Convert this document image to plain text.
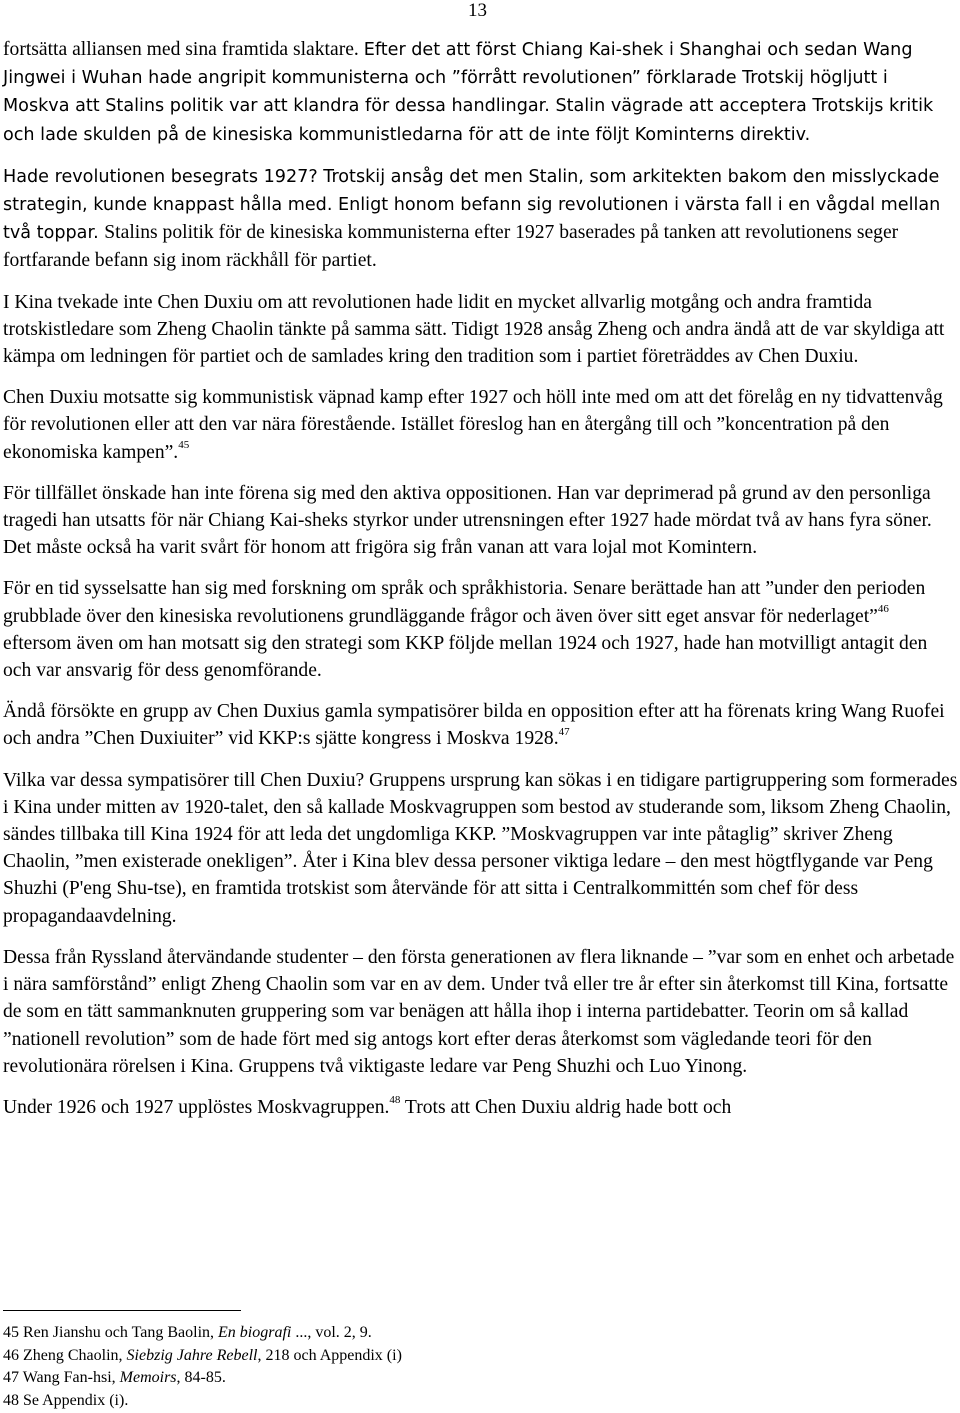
13

fortsätta alliansen med sina framtida slaktare. Efter det att först Chiang Kai-shek i Shanghai och sedan Wang Jingwei i Wuhan hade angripit kommunisterna och ”förrått revolutionen” förklarade Trotskij högljutt i Moskva att Stalins politik var att klandra för dessa handlingar. Stalin vägrade att acceptera Trotskijs kritik och lade skulden på de kinesiska kommunistledarna för att de inte följt Kominterns direktiv.

Hade revolutionen besegrats 1927? Trotskij ansåg det men Stalin, som arkitekten bakom den misslyckade strategin, kunde knappast hålla med. Enligt honom befann sig revolutionen i värsta fall i en vågdal mellan två toppar. Stalins politik för de kinesiska kommunisterna efter 1927 baserades på tanken att revolutionens seger fortfarande befann sig inom räckhåll för partiet.

I Kina tvekade inte Chen Duxiu om att revolutionen hade lidit en mycket allvarlig motgång och andra framtida trotskistledare som Zheng Chaolin tänkte på samma sätt. Tidigt 1928 ansåg Zheng och andra ändå att de var skyldiga att kämpa om ledningen för partiet och de samlades kring den tradition som i partiet företräddes av Chen Duxiu.

Chen Duxiu motsatte sig kommunistisk väpnad kamp efter 1927 och höll inte med om att det förelåg en ny tidvattenvåg för revolutionen eller att den var nära förestående. Istället föreslog han en återgång till och ”koncentration på den ekonomiska kampen”.$^{45}$

För tillfället önskade han inte förena sig med den aktiva oppositionen. Han var deprimerad på grund av den personliga tragedi han utsatts för när Chiang Kai-sheks styrkor under utrensningen efter 1927 hade mördat två av hans fyra söner. Det måste också ha varit svårt för honom att frigöra sig från vanan att vara lojal mot Komintern.

För en tid sysselsatte han sig med forskning om språk och språkhistoria. Senare berättade han att ”under den perioden grubblade över den kinesiska revolutionens grundläggande frågor och även över sitt eget ansvar för nederlaget”$^{46}$ eftersom även om han motsatt sig den strategi som KKP följde mellan 1924 och 1927, hade han motvilligt antagit den och var ansvarig för dess genomförande.

Ändå försökte en grupp av Chen Duxius gamla sympatisörer bilda en opposition efter att ha förenats kring Wang Ruofei och andra ”Chen Duxiuiter” vid KKP:s sjätte kongress i Moskva 1928.47

Vilka var dessa sympatisörer till Chen Duxiu? Gruppens ursprung kan sökas i en tidigare partigruppering som formerades i Kina under mitten av 1920-talet, den så kallade Moskvagruppen som bestod av studerande som, liksom Zheng Chaolin, sändes tillbaka till Kina 1924 för att leda det ungdomliga KKP. ”Moskvagruppen var inte påtaglig” skriver Zheng Chaolin, ”men existerade onekligen”. Åter i Kina blev dessa personer viktiga ledare – den mest högtflygande var Peng Shuzhi (P'eng Shu-tse), en framtida trotskist som återvände för att sitta i Centralkommittén som chef för dess propagandaavdelning.

Dessa från Ryssland återvändande studenter – den första generationen av flera liknande – ”var som en enhet och arbetade i nära samförstånd” enligt Zheng Chaolin som var en av dem. Under två eller tre år efter sin återkomst till Kina, fortsatte de som en tätt sammanknuten gruppering som var benägen att hålla ihop i interna partidebatter. Teorin om så kallad ”nationell revolution” som de hade fört med sig antogs kort efter deras återkomst som vägledande teori för den revolutionära rörelsen i Kina. Gruppens två viktigaste ledare var Peng Shuzhi och Luo Yinong.

Under 1926 och 1927 upplöstes Moskvagruppen.$^{48}$ Trots att Chen Duxiu aldrig hade bott och

45 Ren Jianshu och Tang Baolin, En biografi ..., vol. 2, 9.
46 Zheng Chaolin, Siebzig Jahre Rebell, 218 och Appendix (i)
47 Wang Fan-hsi, Memoirs, 84-85.
48 Se Appendix (i).
